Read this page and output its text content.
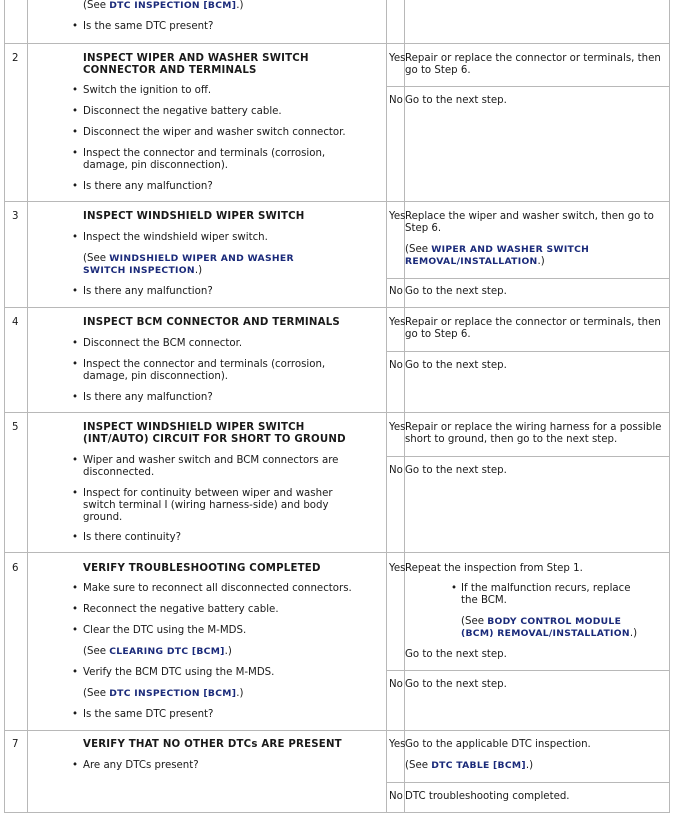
(See DTC INSPECTION [BCM].)
• Is the same DTC present?
2	INSPECT WIPER AND WASHER SWITCH CONNECTOR AND TERMINALS
• Switch the ignition to off.
• Disconnect the negative battery cable.
• Disconnect the wiper and washer switch connector.
• Inspect the connector and terminals (corrosion, damage, pin disconnection).
• Is there any malfunction?
Yes Repair or replace the connector or terminals, then go to Step 6.
No Go to the next step.
3	INSPECT WINDSHIELD WIPER SWITCH
• Inspect the windshield wiper switch.
(See WINDSHIELD WIPER AND WASHER SWITCH INSPECTION.)
• Is there any malfunction?
Yes Replace the wiper and washer switch, then go to Step 6.
(See WIPER AND WASHER SWITCH REMOVAL/INSTALLATION.)
No Go to the next step.
4	INSPECT BCM CONNECTOR AND TERMINALS
• Disconnect the BCM connector.
• Inspect the connector and terminals (corrosion, damage, pin disconnection).
• Is there any malfunction?
Yes Repair or replace the connector or terminals, then go to Step 6.
No Go to the next step.
5	INSPECT WINDSHIELD WIPER SWITCH (INT/AUTO) CIRCUIT FOR SHORT TO GROUND
• Wiper and washer switch and BCM connectors are disconnected.
• Inspect for continuity between wiper and washer switch terminal I (wiring harness-side) and body ground.
• Is there continuity?
Yes Repair or replace the wiring harness for a possible short to ground, then go to the next step.
No Go to the next step.
6	VERIFY TROUBLESHOOTING COMPLETED
• Make sure to reconnect all disconnected connectors.
• Reconnect the negative battery cable.
• Clear the DTC using the M-MDS.
(See CLEARING DTC [BCM].)
• Verify the BCM DTC using the M-MDS.
(See DTC INSPECTION [BCM].)
• Is the same DTC present?
Yes Repeat the inspection from Step 1.
• If the malfunction recurs, replace the BCM.
(See BODY CONTROL MODULE (BCM) REMOVAL/INSTALLATION.)
Go to the next step.
No Go to the next step.
7	VERIFY THAT NO OTHER DTCs ARE PRESENT
• Are any DTCs present?
Yes Go to the applicable DTC inspection.
(See DTC TABLE [BCM].)
No DTC troubleshooting completed.
